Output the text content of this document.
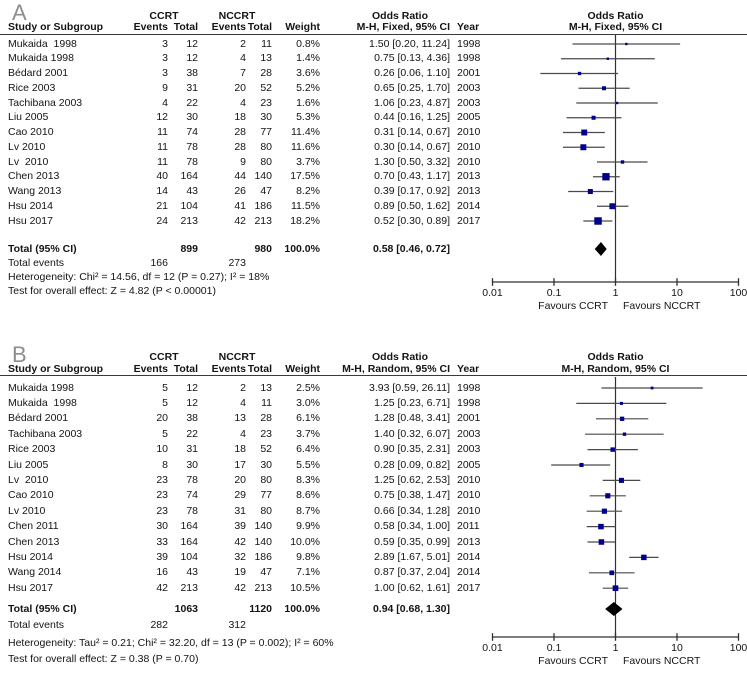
A	CCRT	NCCRT	Odds Ratio	Odds Ratio
Study or Subgroup	Events Total Events Total Weight	M-H, Fixed, 95% CI Year	M-H, Fixed, 95% CI
Mukaida  1998	3 12	2 11 0.8%	1.50 [0.20, 11.24] 1998
Mukaida 1998	3 12	4 13 1.4%	0.75 [0.13, 4.36] 1998
Bédard 2001	3 38	7 28 3.6%	0.26 [0.06, 1.10] 2001
Rice 2003	9 31	20 52 5.2%	0.65 [0.25, 1.70] 2003
Tachibana 2003	4 22	4 23 1.6%	1.06 [0.23, 4.87] 2003
Liu 2005	12 30	18 30 5.3%	0.44 [0.16, 1.25] 2005
Cao 2010	11 74	28 77 11.4%	0.31 [0.14, 0.67] 2010
Lv 2010	11 78	28 80 11.6%	0.30 [0.14, 0.67] 2010
Lv  2010	11 78	9 80 3.7%	1.30 [0.50, 3.32] 2010
Chen 2013	40 164	44 140 17.5%	0.70 [0.43, 1.17] 2013
Wang 2013	14 43	26 47 8.2%	0.39 [0.17, 0.92] 2013
Hsu 2014	21 104	41 186 11.5%	0.89 [0.50, 1.62] 2014
Hsu 2017	24 213	42 213 18.2%	0.52 [0.30, 0.89] 2017
Total (95% CI)	899	980 100.0%	0.58 [0.46, 0.72]
Total events	166	273
Heterogeneity: Chi² = 14.56, df = 12 (P = 0.27); I² = 18%
Test for overall effect: Z = 4.82 (P < 0.00001)	0.01	0.1	1	10	100
Favours CCRT Favours NCCRT
B	CCRT	NCCRT	Odds Ratio	Odds Ratio
Study or Subgroup	Events Total Events Total Weight M-H, Random, 95% CI Year	M-H, Random, 95% CI
Mukaida 1998	5 12	2 13 2.5%	3.93 [0.59, 26.11] 1998
Mukaida  1998	5 12	4 11 3.0%	1.25 [0.23, 6.71] 1998
Bédard 2001	20 38	13 28 6.1%	1.28 [0.48, 3.41] 2001
Tachibana 2003	5 22	4 23 3.7%	1.40 [0.32, 6.07] 2003
Rice 2003	10 31	18 52 6.4%	0.90 [0.35, 2.31] 2003
Liu 2005	8 30	17 30 5.5%	0.28 [0.09, 0.82] 2005
Lv  2010	23 78	20 80 8.3%	1.25 [0.62, 2.53] 2010
Cao 2010	23 74	29 77 8.6%	0.75 [0.38, 1.47] 2010
Lv 2010	23 78	31 80 8.7%	0.66 [0.34, 1.28] 2010
Chen 2011	30 164	39 140 9.9%	0.58 [0.34, 1.00] 2011
Chen 2013	33 164	42 140 10.0%	0.59 [0.35, 0.99] 2013
Hsu 2014	39 104	32 186 9.8%	2.89 [1.67, 5.01] 2014
Wang 2014	16 43	19 47 7.1%	0.87 [0.37, 2.04] 2014
Hsu 2017	42 213	42 213 10.5%	1.00 [0.62, 1.61] 2017
Total (95% CI)	1063	1120 100.0%	0.94 [0.68, 1.30]
Total events	282	312
Heterogeneity: Tau² = 0.21; Chi² = 32.20, df = 13 (P = 0.002); I² = 60%
Test for overall effect: Z = 0.38 (P = 0.70)
0.01	0.1	1	10	100
Favours CCRT Favours NCCRT
